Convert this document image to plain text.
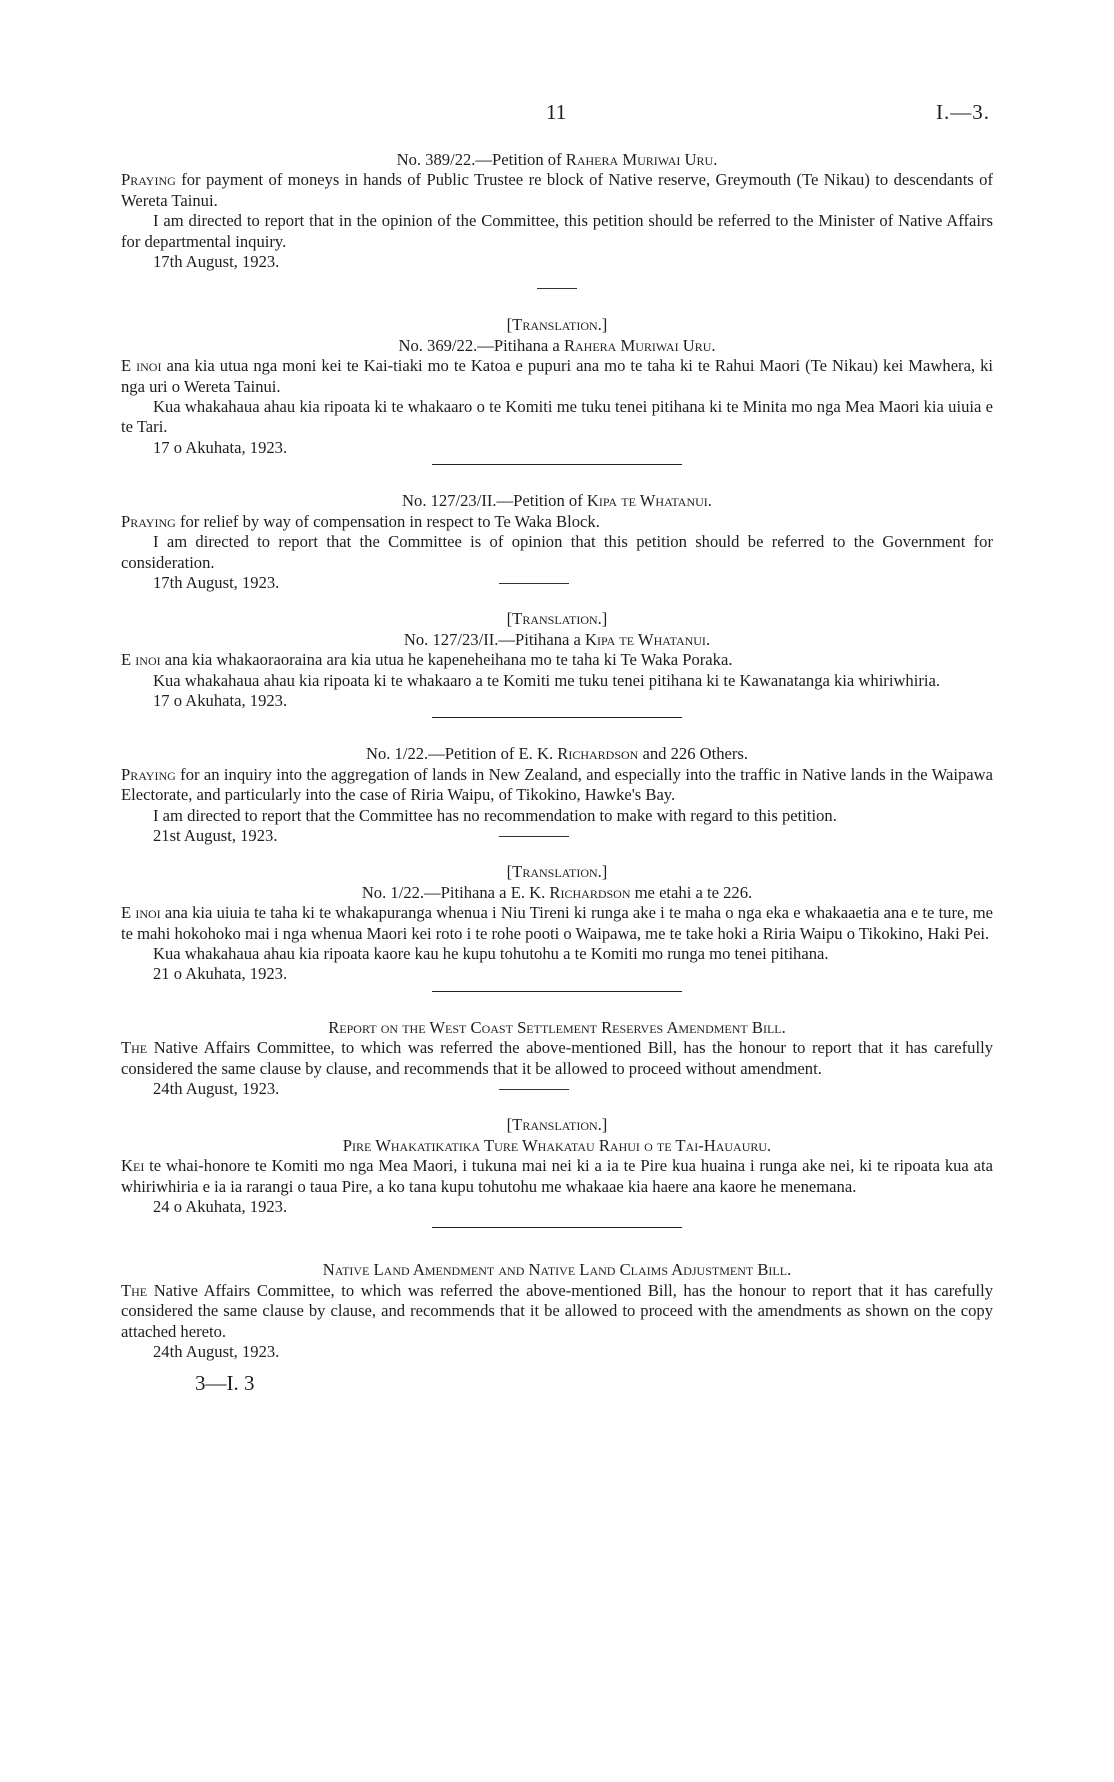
11	I.—3.
No. 389/22.—Petition of Rahera Muriwai Uru.

Praying for payment of moneys in hands of Public Trustee re block of Native reserve, Greymouth (Te Nikau) to descendants of Wereta Tainui.

I am directed to report that in the opinion of the Committee, this petition should be referred to the Minister of Native Affairs for departmental inquiry.

17th August, 1923.
[Translation.]
No. 369/22.—Pitihana a Rahera Muriwai Uru.

E inoi ana kia utua nga moni kei te Kai-tiaki mo te Katoa e pupuri ana mo te taha ki te Rahui Maori (Te Nikau) kei Mawhera, ki nga uri o Wereta Tainui.

Kua whakahaua ahau kia ripoata ki te whakaaro o te Komiti me tuku tenei pitihana ki te Minita mo nga Mea Maori kia uiuia e te Tari.

17 o Akuhata, 1923.
No. 127/23/II.—Petition of Kipa te Whatanui.

Praying for relief by way of compensation in respect to Te Waka Block.

I am directed to report that the Committee is of opinion that this petition should be referred to the Government for consideration.

17th August, 1923.
[Translation.]
No. 127/23/II.—Pitihana a Kipa te Whatanui.

E inoi ana kia whakaoraoraina ara kia utua he kapeneheihana mo te taha ki Te Waka Poraka.

Kua whakahaua ahau kia ripoata ki te whakaaro a te Komiti me tuku tenei pitihana ki te Kawanatanga kia whiriwhiria.

17 o Akuhata, 1923.
No. 1/22.—Petition of E. K. Richardson and 226 Others.

Praying for an inquiry into the aggregation of lands in New Zealand, and especially into the traffic in Native lands in the Waipawa Electorate, and particularly into the case of Riria Waipu, of Tikokino, Hawke's Bay.

I am directed to report that the Committee has no recommendation to make with regard to this petition.

21st August, 1923.
[Translation.]
No. 1/22.—Pitihana a E. K. Richardson me etahi a te 226.

E inoi ana kia uiuia te taha ki te whakapuranga whenua i Niu Tireni ki runga ake i te maha o nga eka e whakaaetia ana e te ture, me te mahi hokohoko mai i nga whenua Maori kei roto i te rohe pooti o Waipawa, me te take hoki a Riria Waipu o Tikokino, Haki Pei.

Kua whakahaua ahau kia ripoata kaore kau he kupu tohutohu a te Komiti mo runga mo tenei pitihana.

21 o Akuhata, 1923.
Report on the West Coast Settlement Reserves Amendment Bill.

The Native Affairs Committee, to which was referred the above-mentioned Bill, has the honour to report that it has carefully considered the same clause by clause, and recommends that it be allowed to proceed without amendment.

24th August, 1923.
[Translation.]
Pire Whakatikatika Ture Whakatau Rahui o te Tai-Hauauru.

Kei te whai-honore te Komiti mo nga Mea Maori, i tukuna mai nei ki a ia te Pire kua huaina i runga ake nei, ki te ripoata kua ata whiriwhiria e ia ia rarangi o taua Pire, a ko tana kupu tohutohu me whakaae kia haere ana kaore he menemana.

24 o Akuhata, 1923.
Native Land Amendment and Native Land Claims Adjustment Bill.

The Native Affairs Committee, to which was referred the above-mentioned Bill, has the honour to report that it has carefully considered the same clause by clause, and recommends that it be allowed to proceed with the amendments as shown on the copy attached hereto.

24th August, 1923.
3—I. 3
